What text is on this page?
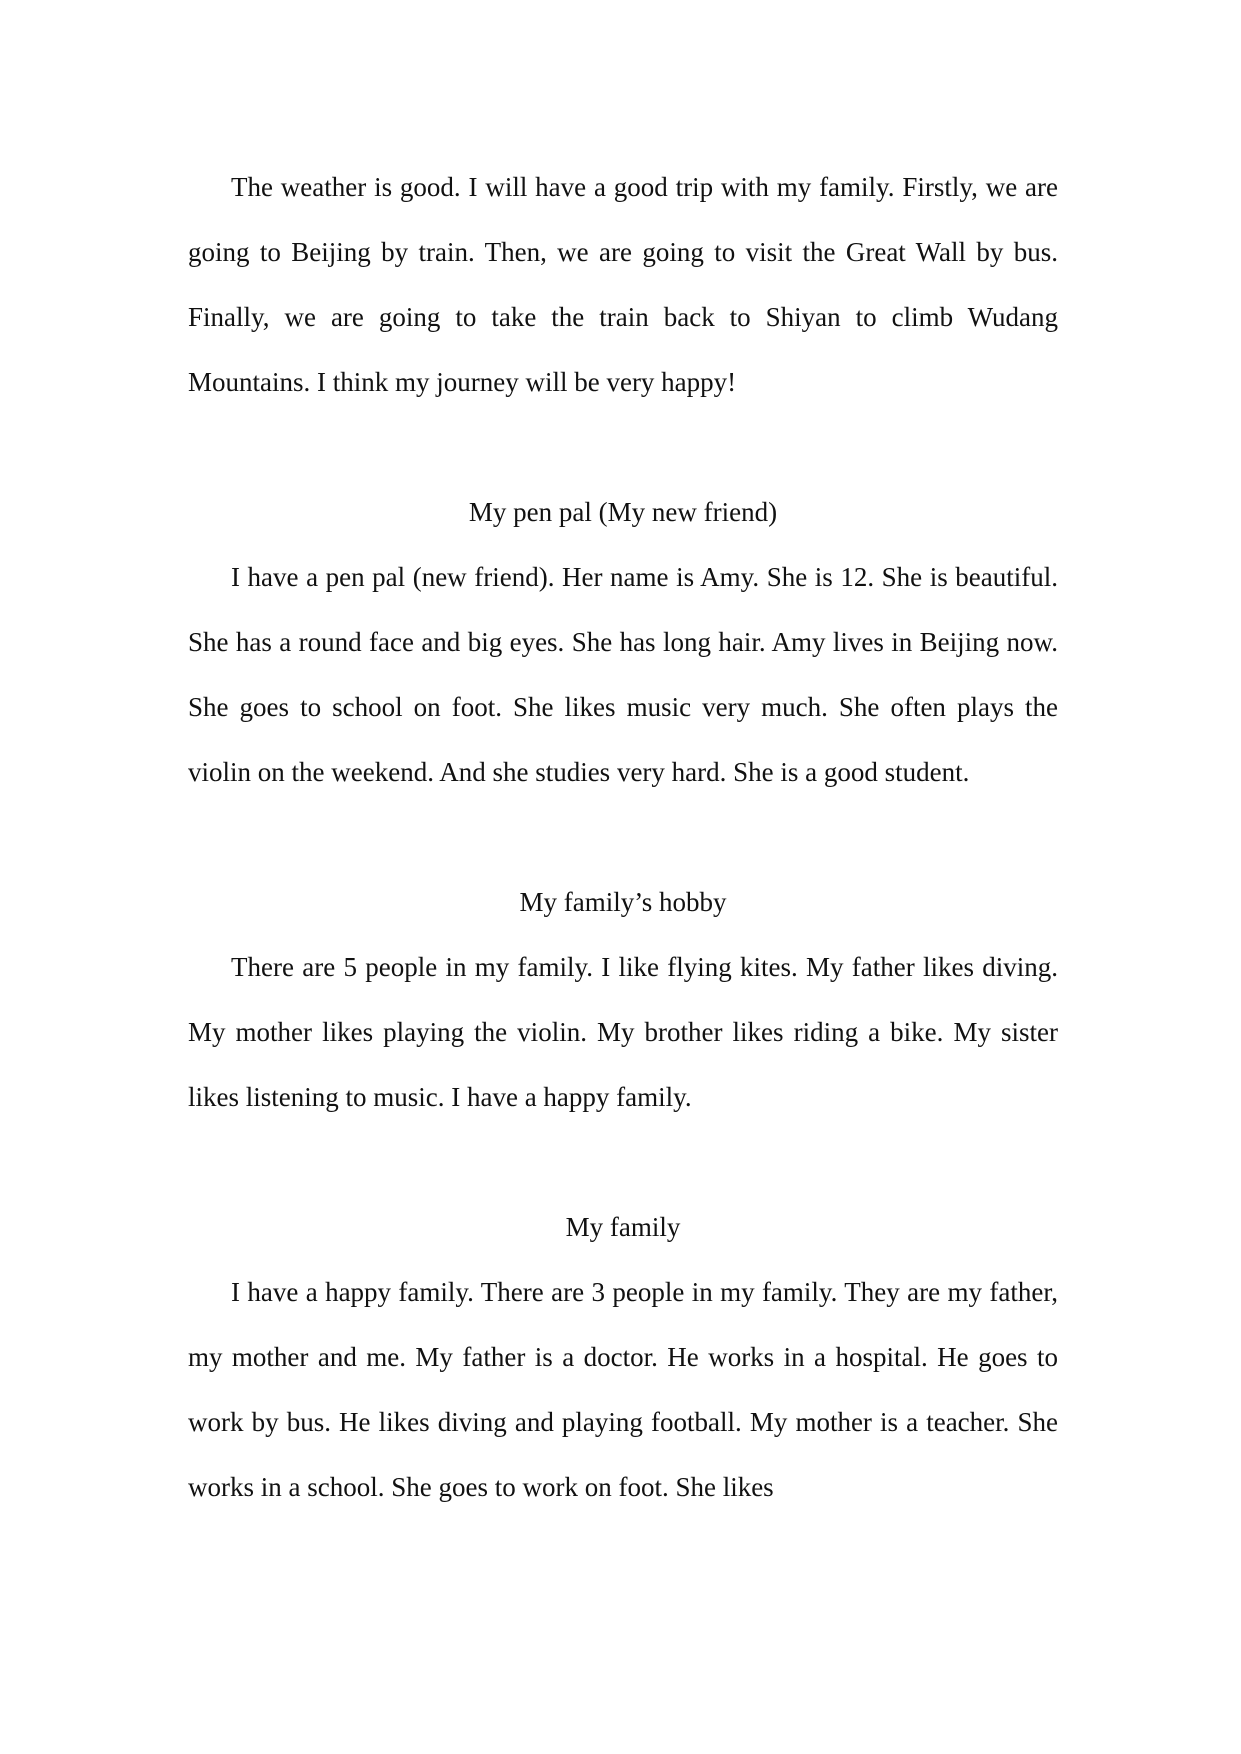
The weather is good. I will have a good trip with my family. Firstly, we are going to Beijing by train. Then, we are going to visit the Great Wall by bus. Finally, we are going to take the train back to Shiyan to climb Wudang Mountains. I think my journey will be very happy!

My pen pal (My new friend)

I have a pen pal (new friend). Her name is Amy. She is 12. She is beautiful. She has a round face and big eyes. She has long hair. Amy lives in Beijing now. She goes to school on foot. She likes music very much. She often plays the violin on the weekend. And she studies very hard. She is a good student.

My family’s hobby

There are 5 people in my family. I like flying kites. My father likes diving. My mother likes playing the violin. My brother likes riding a bike. My sister likes listening to music. I have a happy family.

My family

I have a happy family. There are 3 people in my family. They are my father, my mother and me. My father is a doctor. He works in a hospital. He goes to work by bus. He likes diving and playing football. My mother is a teacher. She works in a school. She goes to work on foot. She likes
